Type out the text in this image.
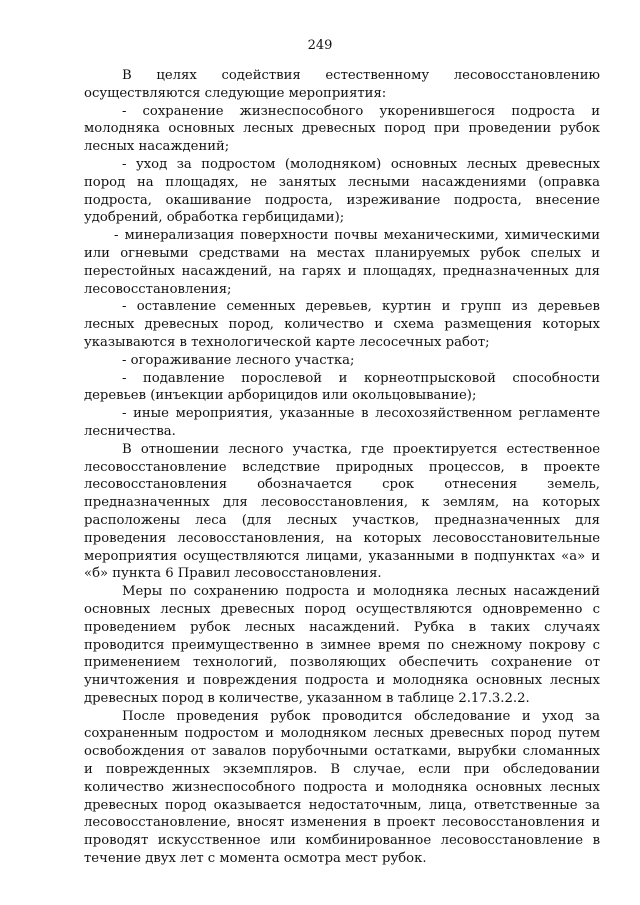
249

В целях содействия естественному лесовосстановлению осуществляются следующие мероприятия:

- сохранение жизнеспособного укоренившегося подроста и молодняка основных лесных древесных пород при проведении рубок лесных насаждений;

- уход за подростом (молодняком) основных лесных древесных пород на площадях, не занятых лесными насаждениями (оправка подроста, окашивание подроста, изреживание подроста, внесение удобрений, обработка гербицидами);

- минерализация поверхности почвы механическими, химическими или огневыми средствами на местах планируемых рубок спелых и перестойных насаждений, на гарях и площадях, предназначенных для лесовосстановления;

- оставление семенных деревьев, куртин и групп из деревьев лесных древесных пород, количество и схема размещения которых указываются в технологической карте лесосечных работ;

- огораживание лесного участка;

- подавление порослевой и корнеотпрысковой способности деревьев (инъекции арборицидов или окольцовывание);

- иные мероприятия, указанные в лесохозяйственном регламенте лесничества.

В отношении лесного участка, где проектируется естественное лесовосстановление вследствие природных процессов, в проекте лесовосстановления обозначается срок отнесения земель, предназначенных для лесовосстановления, к землям, на которых расположены леса (для лесных участков, предназначенных для проведения лесовосстановления, на которых лесовосстановительные мероприятия осуществляются лицами, указанными в подпунктах «а» и «б» пункта 6 Правил лесовосстановления.

Меры по сохранению подроста и молодняка лесных насаждений основных лесных древесных пород осуществляются одновременно с проведением рубок лесных насаждений. Рубка в таких случаях проводится преимущественно в зимнее время по снежному покрову с применением технологий, позволяющих обеспечить сохранение от уничтожения и повреждения подроста и молодняка основных лесных древесных пород в количестве, указанном в таблице 2.17.3.2.2.

После проведения рубок проводится обследование и уход за сохраненным подростом и молодняком лесных древесных пород путем освобождения от завалов порубочными остатками, вырубки сломанных и поврежденных экземпляров. В случае, если при обследовании количество жизнеспособного подроста и молодняка основных лесных древесных пород оказывается недостаточным, лица, ответственные за лесовосстановление, вносят изменения в проект лесовосстановления и проводят искусственное или комбинированное лесовосстановление в течение двух лет с момента осмотра мест рубок.
